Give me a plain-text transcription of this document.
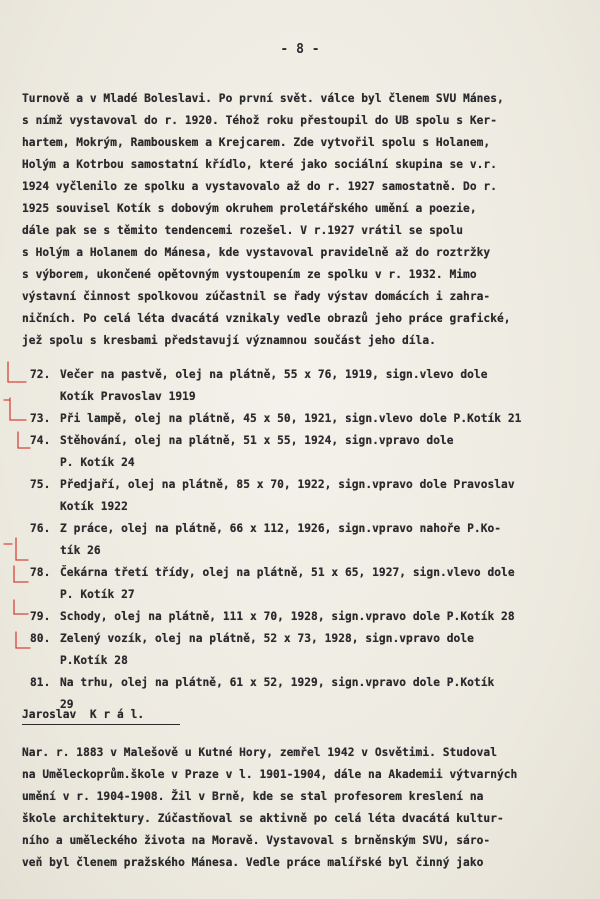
- 8 -
Turnově a v Mladé Boleslavi. Po první svět. válce byl členem SVU Mánes,
s nímž vystavoval do r. 1920. Téhož roku přestoupil do UB spolu s Ker-
hartem, Mokrým, Rambouskem a Krejcarem. Zde vytvořil spolu s Holanem,
Holým a Kotrbou samostatní křídlo, které jako sociální skupina se v.r.
1924 vyčlenilo ze spolku a vystavovalo až do r. 1927 samostatně. Do r.
1925 souvisel Kotík s dobovým okruhem proletářského umění a poezie,
dále pak se s těmito tendencemi rozešel. V r.1927 vrátil se spolu
s Holým a Holanem do Mánesa, kde vystavoval pravidelně až do roztržky
s výborem, ukončené opětovným vystoupením ze spolku v r. 1932. Mimo
výstavní činnost spolkovou zúčastnil se řady výstav domácích i zahra-
ničních. Po celá léta dvacátá vznikaly vedle obrazů jeho práce grafické,
jež spolu s kresbami představují významnou součást jeho díla.
72. Večer na pastvě, olej na plátně, 55 x 76, 1919, sign.vlevo dole
Kotík Pravoslav 1919
73. Při lampě, olej na plátně, 45 x 50, 1921, sign.vlevo dole P.Kotík 21
74. Stěhování, olej na plátně, 51 x 55, 1924, sign.vpravo dole
P. Kotík 24
75. Předjaří, olej na plátně, 85 x 70, 1922, sign.vpravo dole Pravoslav
Kotík 1922
76. Z práce, olej na plátně, 66 x 112, 1926, sign.vpravo nahoře P.Ko-
tík 26
78. Čekárna třetí třídy, olej na plátně, 51 x 65, 1927, sign.vlevo dole
P. Kotík 27
79. Schody, olej na plátně, 111 x 70, 1928, sign.vpravo dole P.Kotík 28
80. Zelený vozík, olej na plátně, 52 x 73, 1928, sign.vpravo dole
P.Kotík 28
81. Na trhu, olej na plátně, 61 x 52, 1929, sign.vpravo dole P.Kotík
29
Jaroslav  K r á l.
Nar. r. 1883 v Malešově u Kutné Hory, zemřel 1942 v Osvětimi. Studoval
na Uměleckoprům.škole v Praze v l. 1901-1904, dále na Akademii výtvarných
umění v r. 1904-1908. Žil v Brně, kde se stal profesorem kreslení na
škole architektury. Zúčastňoval se aktivně po celá léta dvacátá kultur-
ního a uměleckého života na Moravě. Vystavoval s brněnským SVU, sáro-
veň byl členem pražského Mánesa. Vedle práce malířské byl činný jako
